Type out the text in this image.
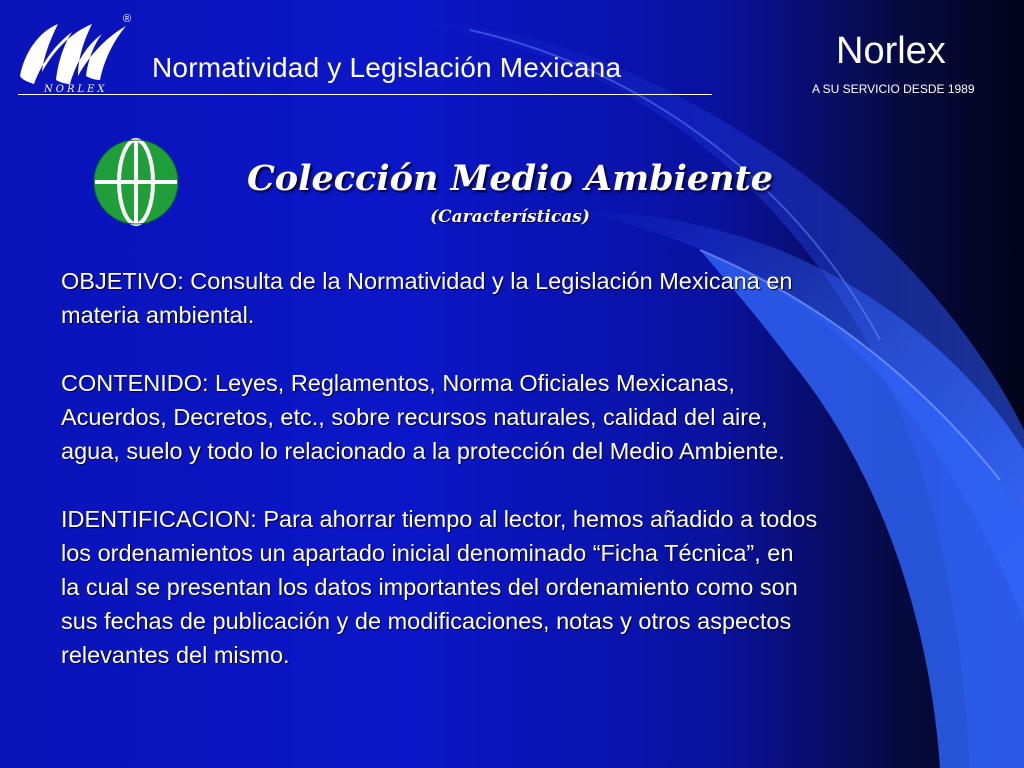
NORLEX
®
Normatividad y Legislación Mexicana	Norlex
A SU SERVICIO DESDE 1989
Colección Medio Ambiente
(Características)

OBJETIVO: Consulta de la Normatividad y la Legislación Mexicana en
materia ambiental.

CONTENIDO: Leyes, Reglamentos, Norma Oficiales Mexicanas,
Acuerdos, Decretos, etc., sobre recursos naturales, calidad del aire,
agua, suelo y todo lo relacionado a la protección del Medio Ambiente.

IDENTIFICACION: Para ahorrar tiempo al lector, hemos añadido a todos
los ordenamientos un apartado inicial denominado “Ficha Técnica”, en
la cual se presentan los datos importantes del ordenamiento como son
sus fechas de publicación y de modificaciones, notas y otros aspectos
relevantes del mismo.
